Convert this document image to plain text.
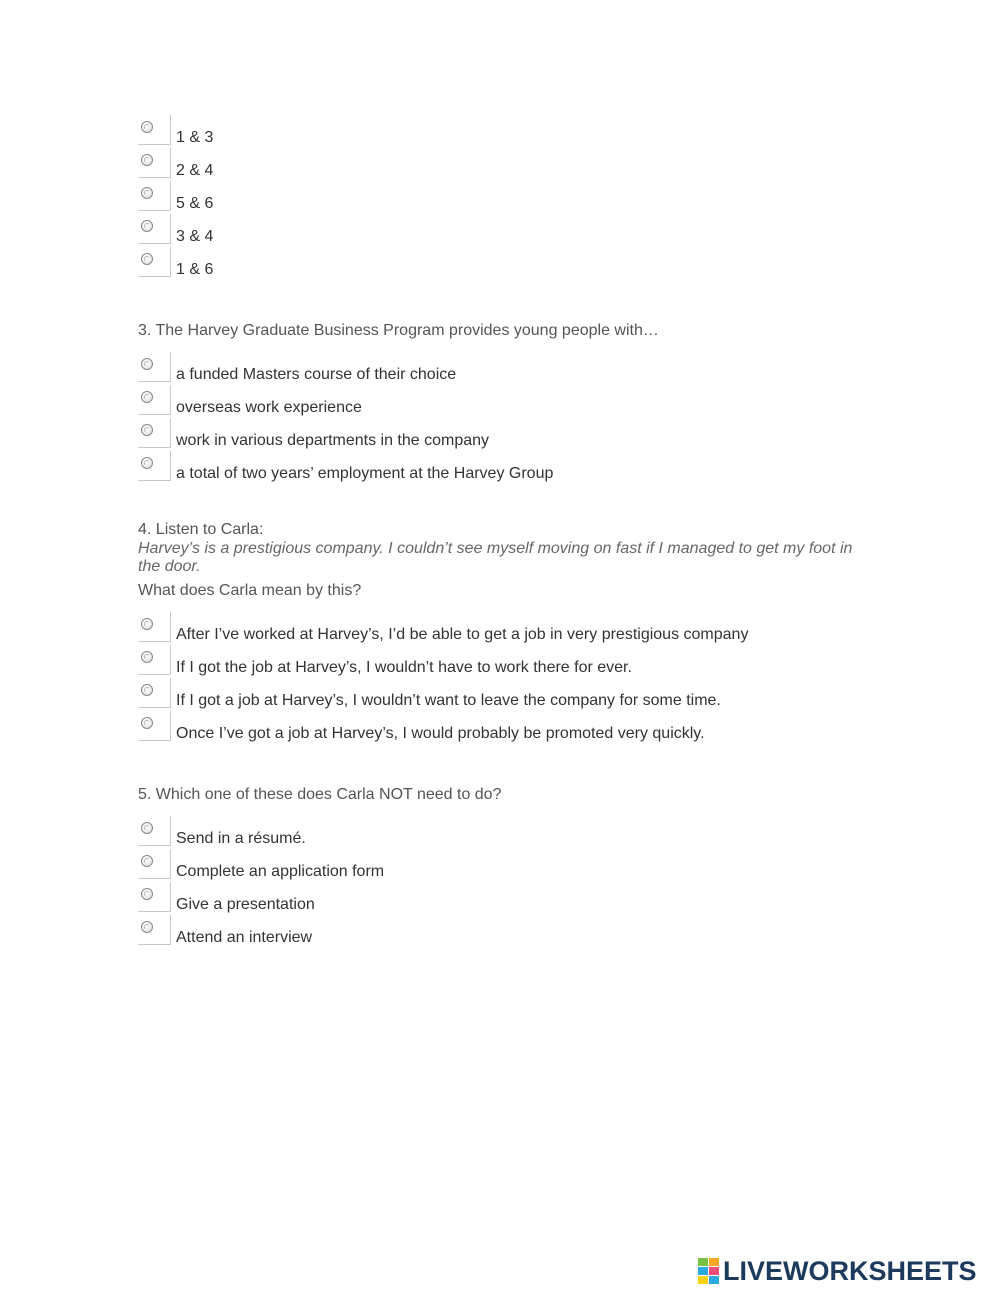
1 & 3
2 & 4
5 & 6
3 & 4
1 & 6
3. The Harvey Graduate Business Program provides young people with…
a funded Masters course of their choice
overseas work experience
work in various departments in the company
a total of two years’ employment at the Harvey Group
4. Listen to Carla:
Harvey’s is a prestigious company. I couldn’t see myself moving on fast if I managed to get my foot in the door.
What does Carla mean by this?
After I’ve worked at Harvey’s, I’d be able to get a job in very prestigious company
If I got the job at Harvey’s, I wouldn’t have to work there for ever.
If I got a job at Harvey’s, I wouldn’t want to leave the company for some time.
Once I’ve got a job at Harvey’s, I would probably be promoted very quickly.
5. Which one of these does Carla NOT need to do?
Send in a résumé.
Complete an application form
Give a presentation
Attend an interview
LIVEWORKSHEETS
